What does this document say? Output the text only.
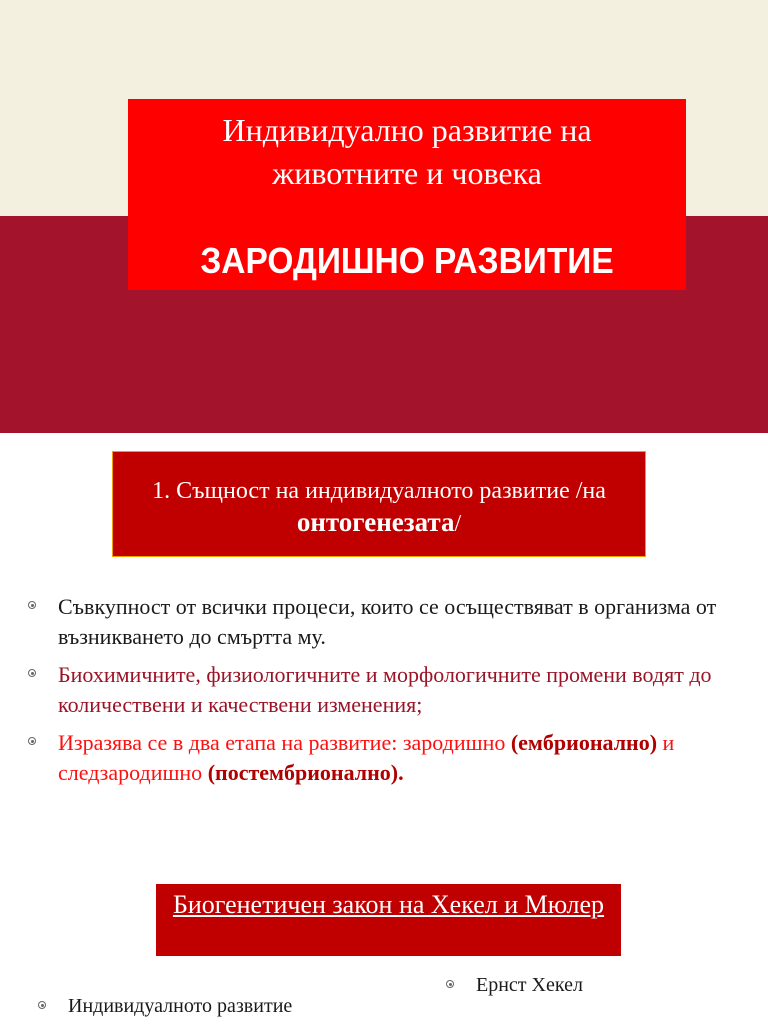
Индивидуално развитие на
животните и човека
ЗАРОДИШНО РАЗВИТИЕ
1. Същност на индивидуалното развитие /на онтогенезата/
Съвкупност от всички процеси, които се осъществяват в организма от възникването до смъртта му.
Биохимичните, физиологичните и морфологичните промени водят до количествени и качествени изменения;
Изразява се в два етапа на развитие: зародишно (ембрионално) и следзародишно (постембрионално).
Биогенетичен закон на Хекел и Мюлер
Ернст Хекел
Индивидуалното развитие
